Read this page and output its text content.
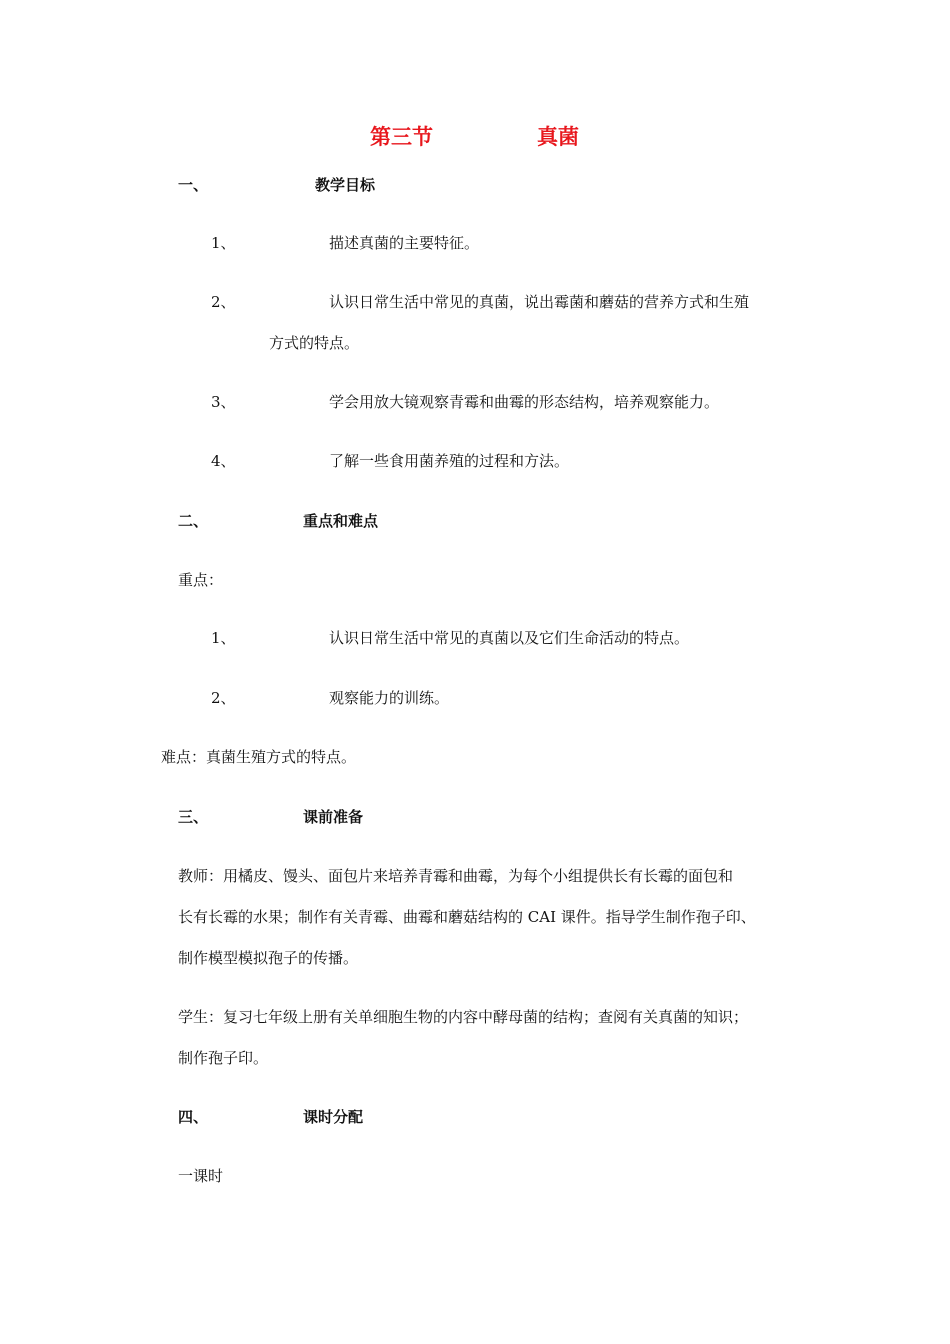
第三节	真菌
一、	教学目标
1、	描述真菌的主要特征。
2、	认识日常生活中常见的真菌，说出霉菌和蘑菇的营养方式和生殖
方式的特点。
3、	学会用放大镜观察青霉和曲霉的形态结构，培养观察能力。
4、	了解一些食用菌养殖的过程和方法。
二、	重点和难点
重点：
1、	认识日常生活中常见的真菌以及它们生命活动的特点。
2、	观察能力的训练。
难点：真菌生殖方式的特点。
三、	课前准备
教师：用橘皮、馒头、面包片来培养青霉和曲霉，为每个小组提供长有长霉的面包和
长有长霉的水果；制作有关青霉、曲霉和蘑菇结构的 CAI 课件。指导学生制作孢子印、
制作模型模拟孢子的传播。
学生：复习七年级上册有关单细胞生物的内容中酵母菌的结构；查阅有关真菌的知识；
制作孢子印。
四、	课时分配
一课时
